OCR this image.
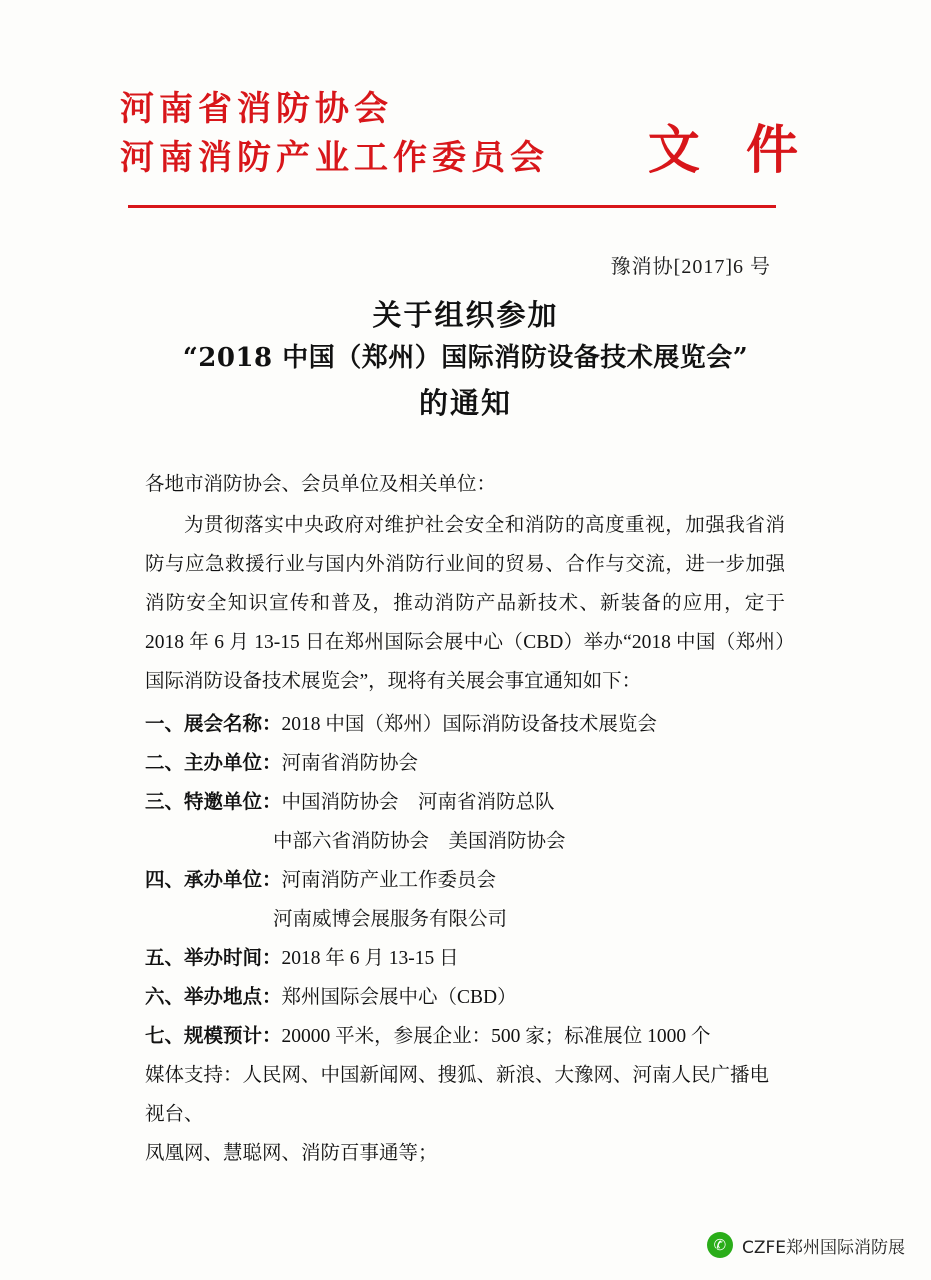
河南省消防协会
河南消防产业工作委员会 文 件
豫消协[2017]6 号
关于组织参加
“2018 中国（郑州）国际消防设备技术展览会”
的通知
各地市消防协会、会员单位及相关单位：
为贯彻落实中央政府对维护社会安全和消防的高度重视，加强我省消防与应急救援行业与国内外消防行业间的贸易、合作与交流，进一步加强消防安全知识宣传和普及，推动消防产品新技术、新装备的应用，定于 2018 年 6 月 13-15 日在郑州国际会展中心（CBD）举办“2018 中国（郑州）国际消防设备技术展览会”，现将有关展会事宜通知如下：
一、展会名称： 2018 中国（郑州）国际消防设备技术展览会
二、主办单位： 河南省消防协会
三、特邀单位： 中国消防协会　河南省消防总队
中部六省消防协会　美国消防协会
四、承办单位： 河南消防产业工作委员会
河南威博会展服务有限公司
五、举办时间： 2018 年 6 月 13-15 日
六、举办地点： 郑州国际会展中心（CBD）
七、规模预计： 20000 平米，参展企业：500 家；标准展位 1000 个
媒体支持：人民网、中国新闻网、搜狐、新浪、大豫网、河南人民广播电视台、
凤凰网、慧聪网、消防百事通等；
✆ CZFE郑州国际消防展
